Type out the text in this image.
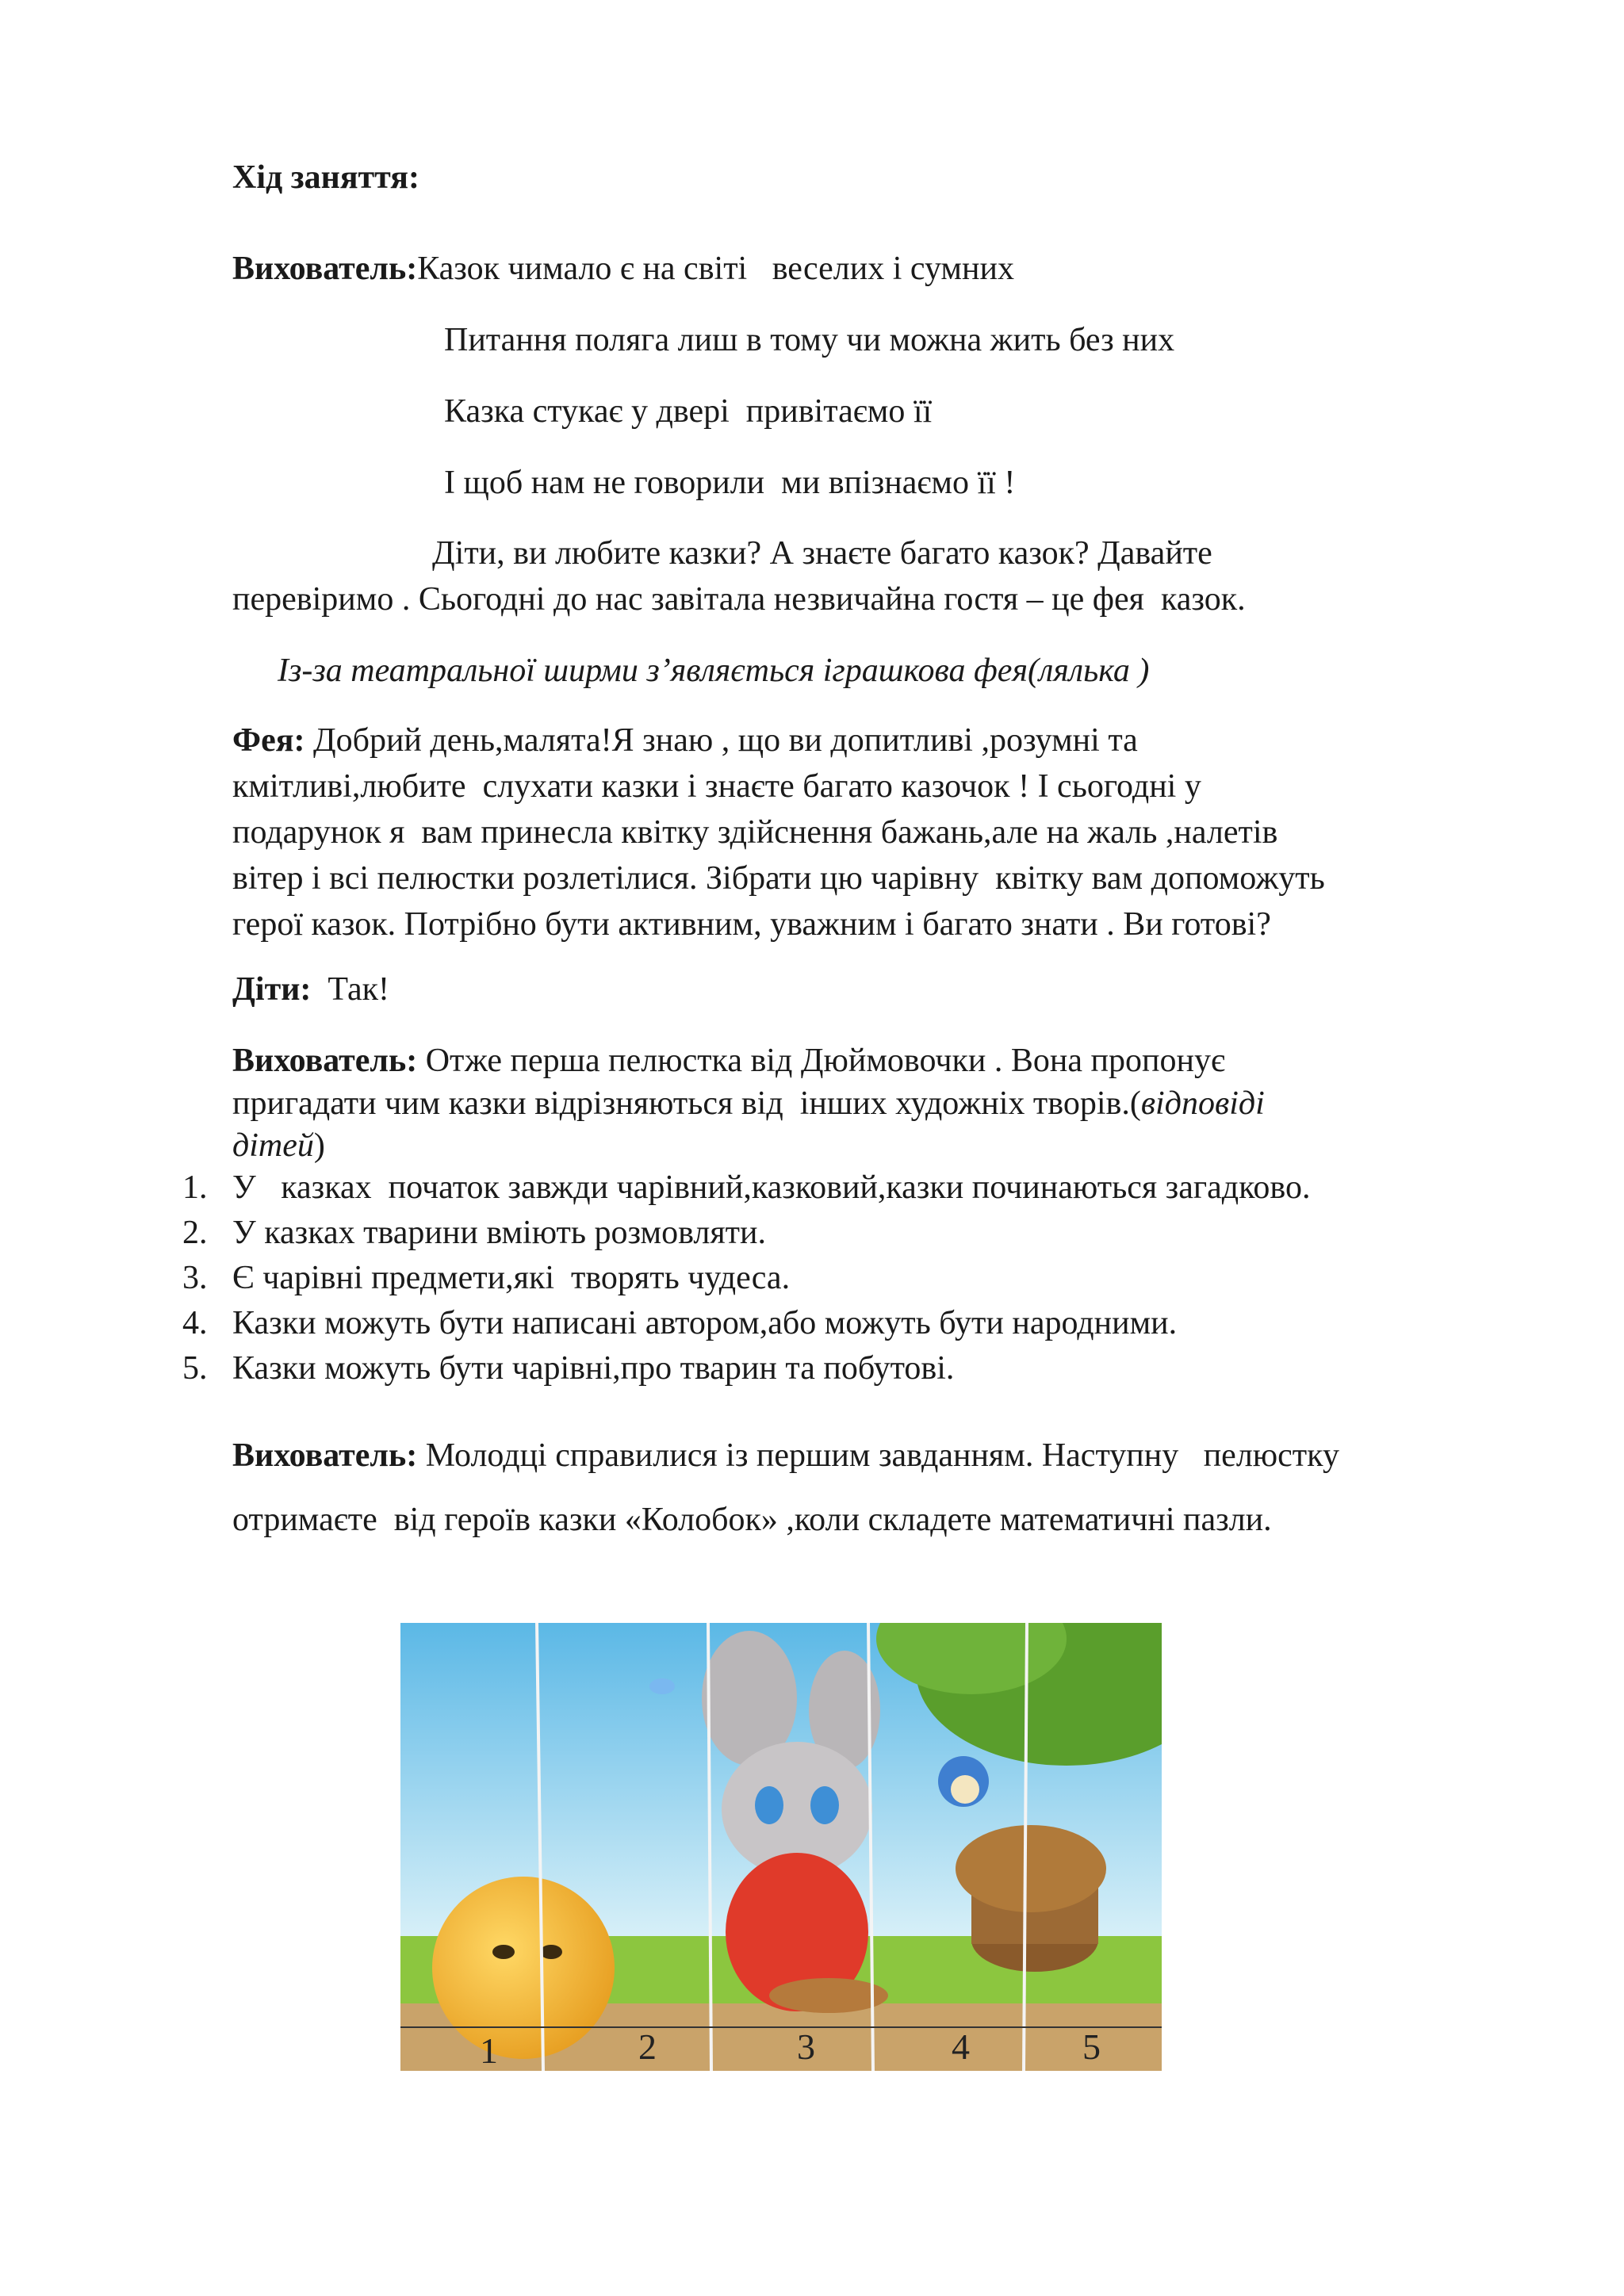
Хід заняття:
Вихователь:Казок чимало є на світі   веселих і сумних
Питання поляга лиш в тому чи можна жить без них
Казка стукає у двері  привітаємо її
І щоб нам не говорили  ми впізнаємо її !
Діти, ви любите казки? А знаєте багато казок? Давайте
перевіримо . Сьогодні до нас завітала незвичайна гостя – це фея  казок.
Із-за театральної ширми з’являється іграшкова фея(лялька )
Фея: Добрий день,малята!Я знаю , що ви допитливі ,розумні та
кмітливі,любите  слухати казки і знаєте багато казочок ! І сьогодні у
подарунок я  вам принесла квітку здійснення бажань,але на жаль ,налетів
вітер і всі пелюстки розлетілися. Зібрати цю чарівну  квітку вам допоможуть
герої казок. Потрібно бути активним, уважним і багато знати . Ви готові?
Діти:  Так!
Вихователь: Отже перша пелюстка від Дюймовочки . Вона пропонує
пригадати чим казки відрізняються від  інших художніх творів.(відповіді
дітей)
1. У   казках  початок завжди чарівний,казковий,казки починаються загадково.
2. У казках тварини вміють розмовляти.
3. Є чарівні предмети,які  творять чудеса.
4. Казки можуть бути написані автором,або можуть бути народними.
5. Казки можуть бути чарівні,про тварин та побутові.
Вихователь: Молодці справилися із першим завданням. Наступну   пелюстку
отримаєте  від героїв казки «Колобок» ,коли складете математичні пазли.
1	2	3	4	5
